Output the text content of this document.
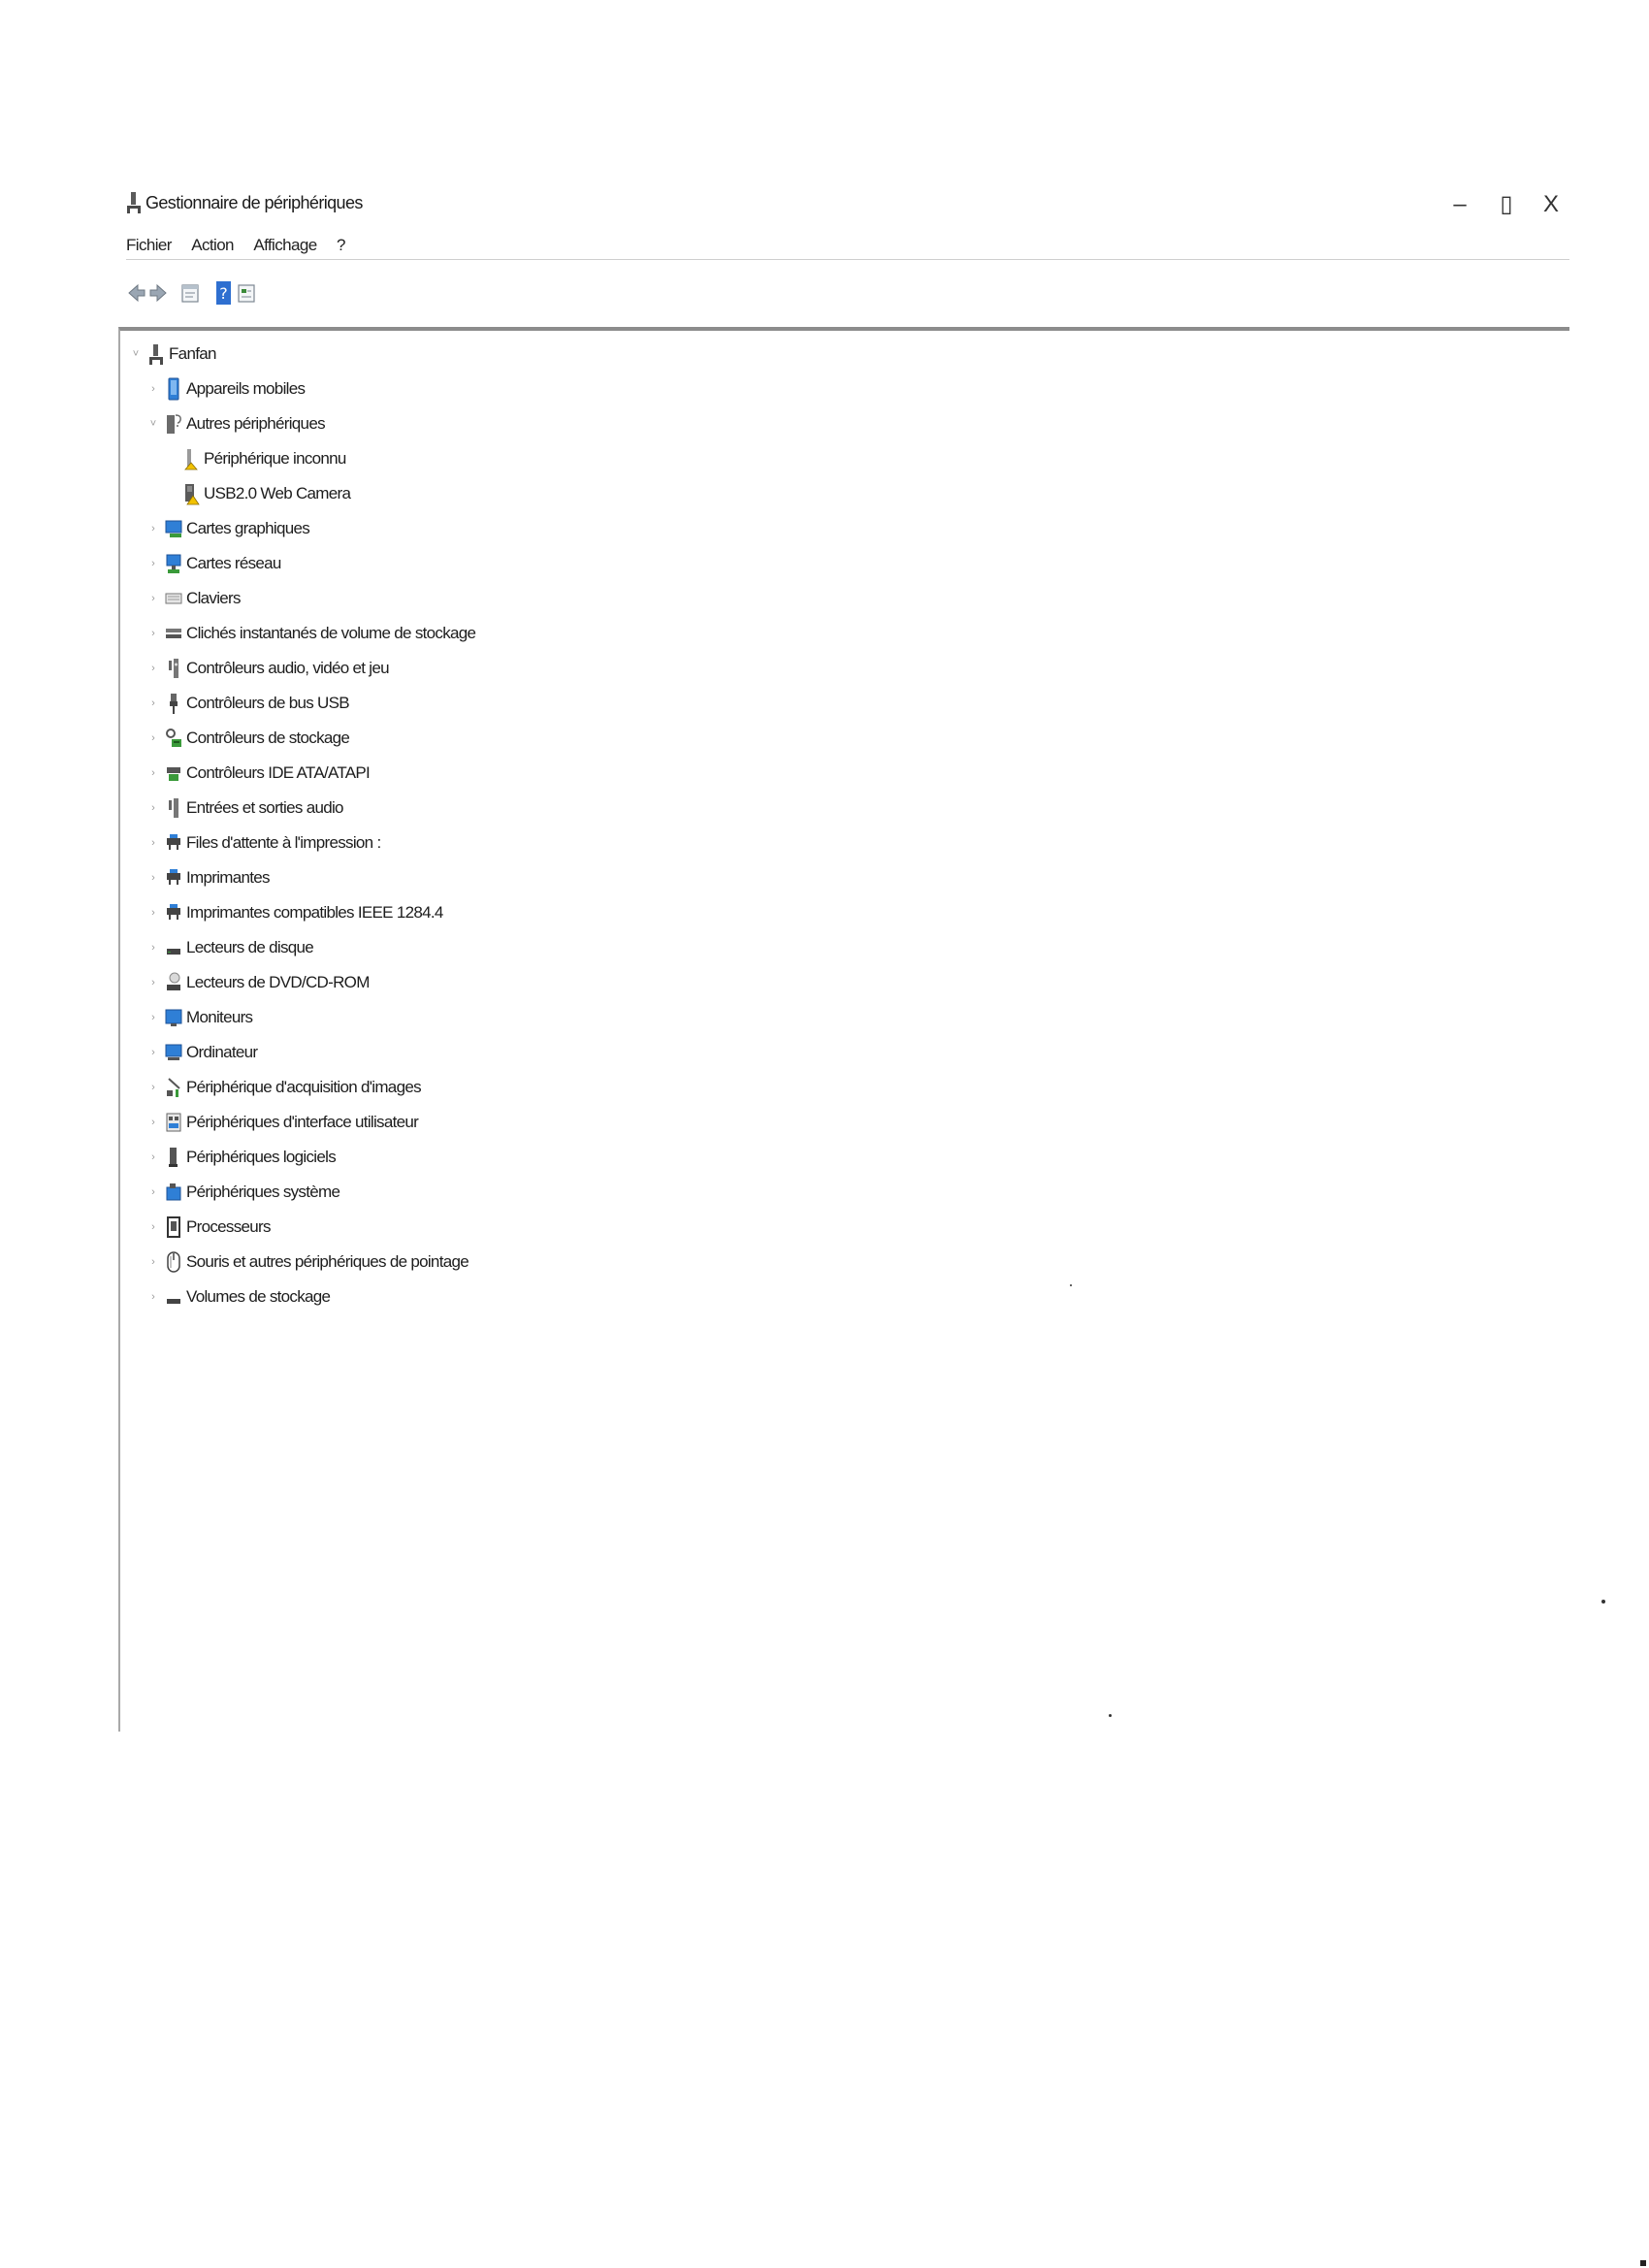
Gestionnaire de périphériques	–	▯	X
Fichier Action Affichage ?
?
˅ Fanfan
› Appareils mobiles
˅ Autres périphériques
Périphérique inconnu
USB2.0 Web Camera
› Cartes graphiques
› Cartes réseau
› Claviers
› Clichés instantanés de volume de stockage
› Contrôleurs audio, vidéo et jeu
› Contrôleurs de bus USB
› Contrôleurs de stockage
› Contrôleurs IDE ATA/ATAPI
› Entrées et sorties audio
› Files d'attente à l'impression :
› Imprimantes
› Imprimantes compatibles IEEE 1284.4
› Lecteurs de disque
› Lecteurs de DVD/CD-ROM
› Moniteurs
› Ordinateur
› Périphérique d'acquisition d'images
› Périphériques d'interface utilisateur
› Périphériques logiciels
› Périphériques système
› Processeurs
› Souris et autres périphériques de pointage
› Volumes de stockage
